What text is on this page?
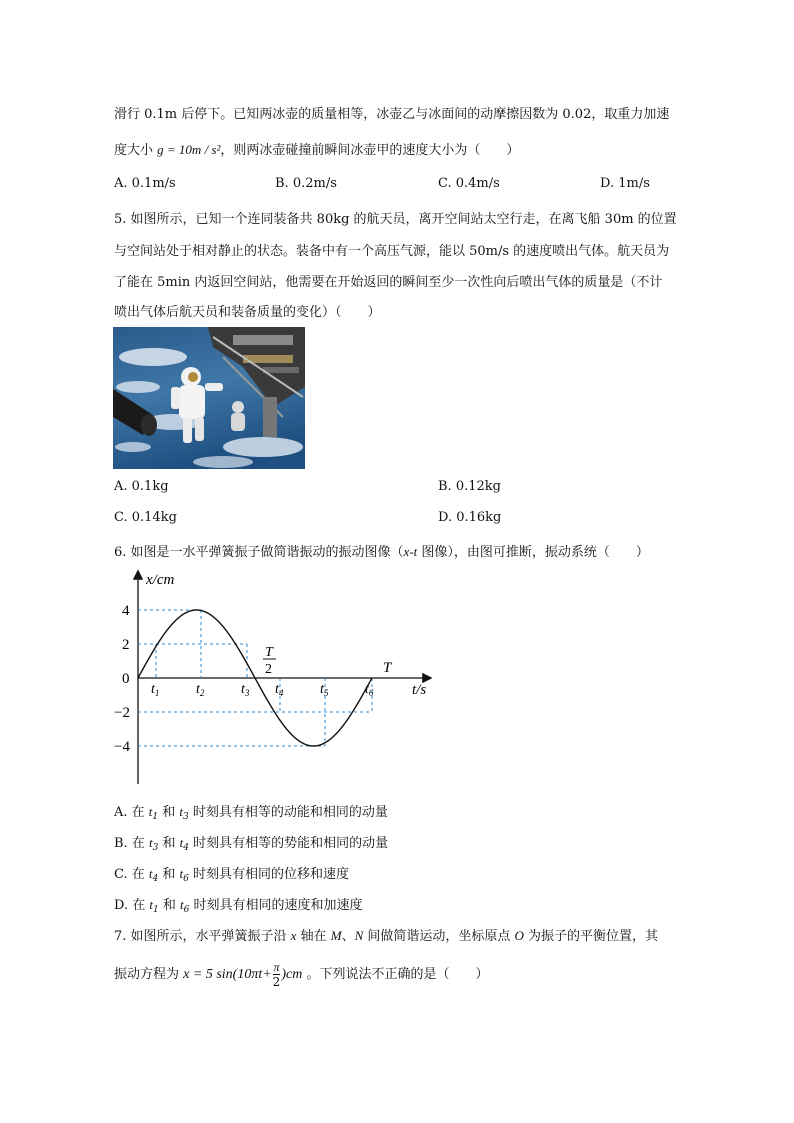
滑行 0.1m 后停下。已知两冰壶的质量相等，冰壶乙与冰面间的动摩擦因数为 0.02，取重力加速
度大小 g = 10m / s²，则两冰壶碰撞前瞬间冰壶甲的速度大小为（　　）
A. 0.1m/s	B. 0.2m/s	C. 0.4m/s	D. 1m/s
5. 如图所示，已知一个连同装备共 80kg 的航天员，离开空间站太空行走，在离飞船 30m 的位置
与空间站处于相对静止的状态。装备中有一个高压气源，能以 50m/s 的速度喷出气体。航天员为
了能在 5min 内返回空间站，他需要在开始返回的瞬间至少一次性向后喷出气体的质量是（不计
喷出气体后航天员和装备质量的变化）（　　）
A. 0.1kg	B. 0.12kg
C. 0.14kg	D. 0.16kg
6. 如图是一水平弹簧振子做简谐振动的振动图像（x-t 图像），由图可推断，振动系统（　　）
x/cm
t/s
4
2
0
−2
−4
$t_1$	$t_2$	$t_3$ $t_4$	$t_5$	$t_6$
T
2	T
A. 在 $t_1$ 和 $t_3$ 时刻具有相等的动能和相同的动量
B. 在 $t_3$ 和 $t_4$ 时刻具有相等的势能和相同的动量
C. 在 $t_4$ 和 $t_6$ 时刻具有相同的位移和速度
D. 在 $t_1$ 和 $t_6$ 时刻具有相同的速度和加速度
7. 如图所示，水平弹簧振子沿 x 轴在 M、N 间做简谐运动，坐标原点 O 为振子的平衡位置，其
振动方程为 x = 5 $\sin(10\pi t+ \frac{\pi}{2} )cm$ 。下列说法不正确的是（　　）
